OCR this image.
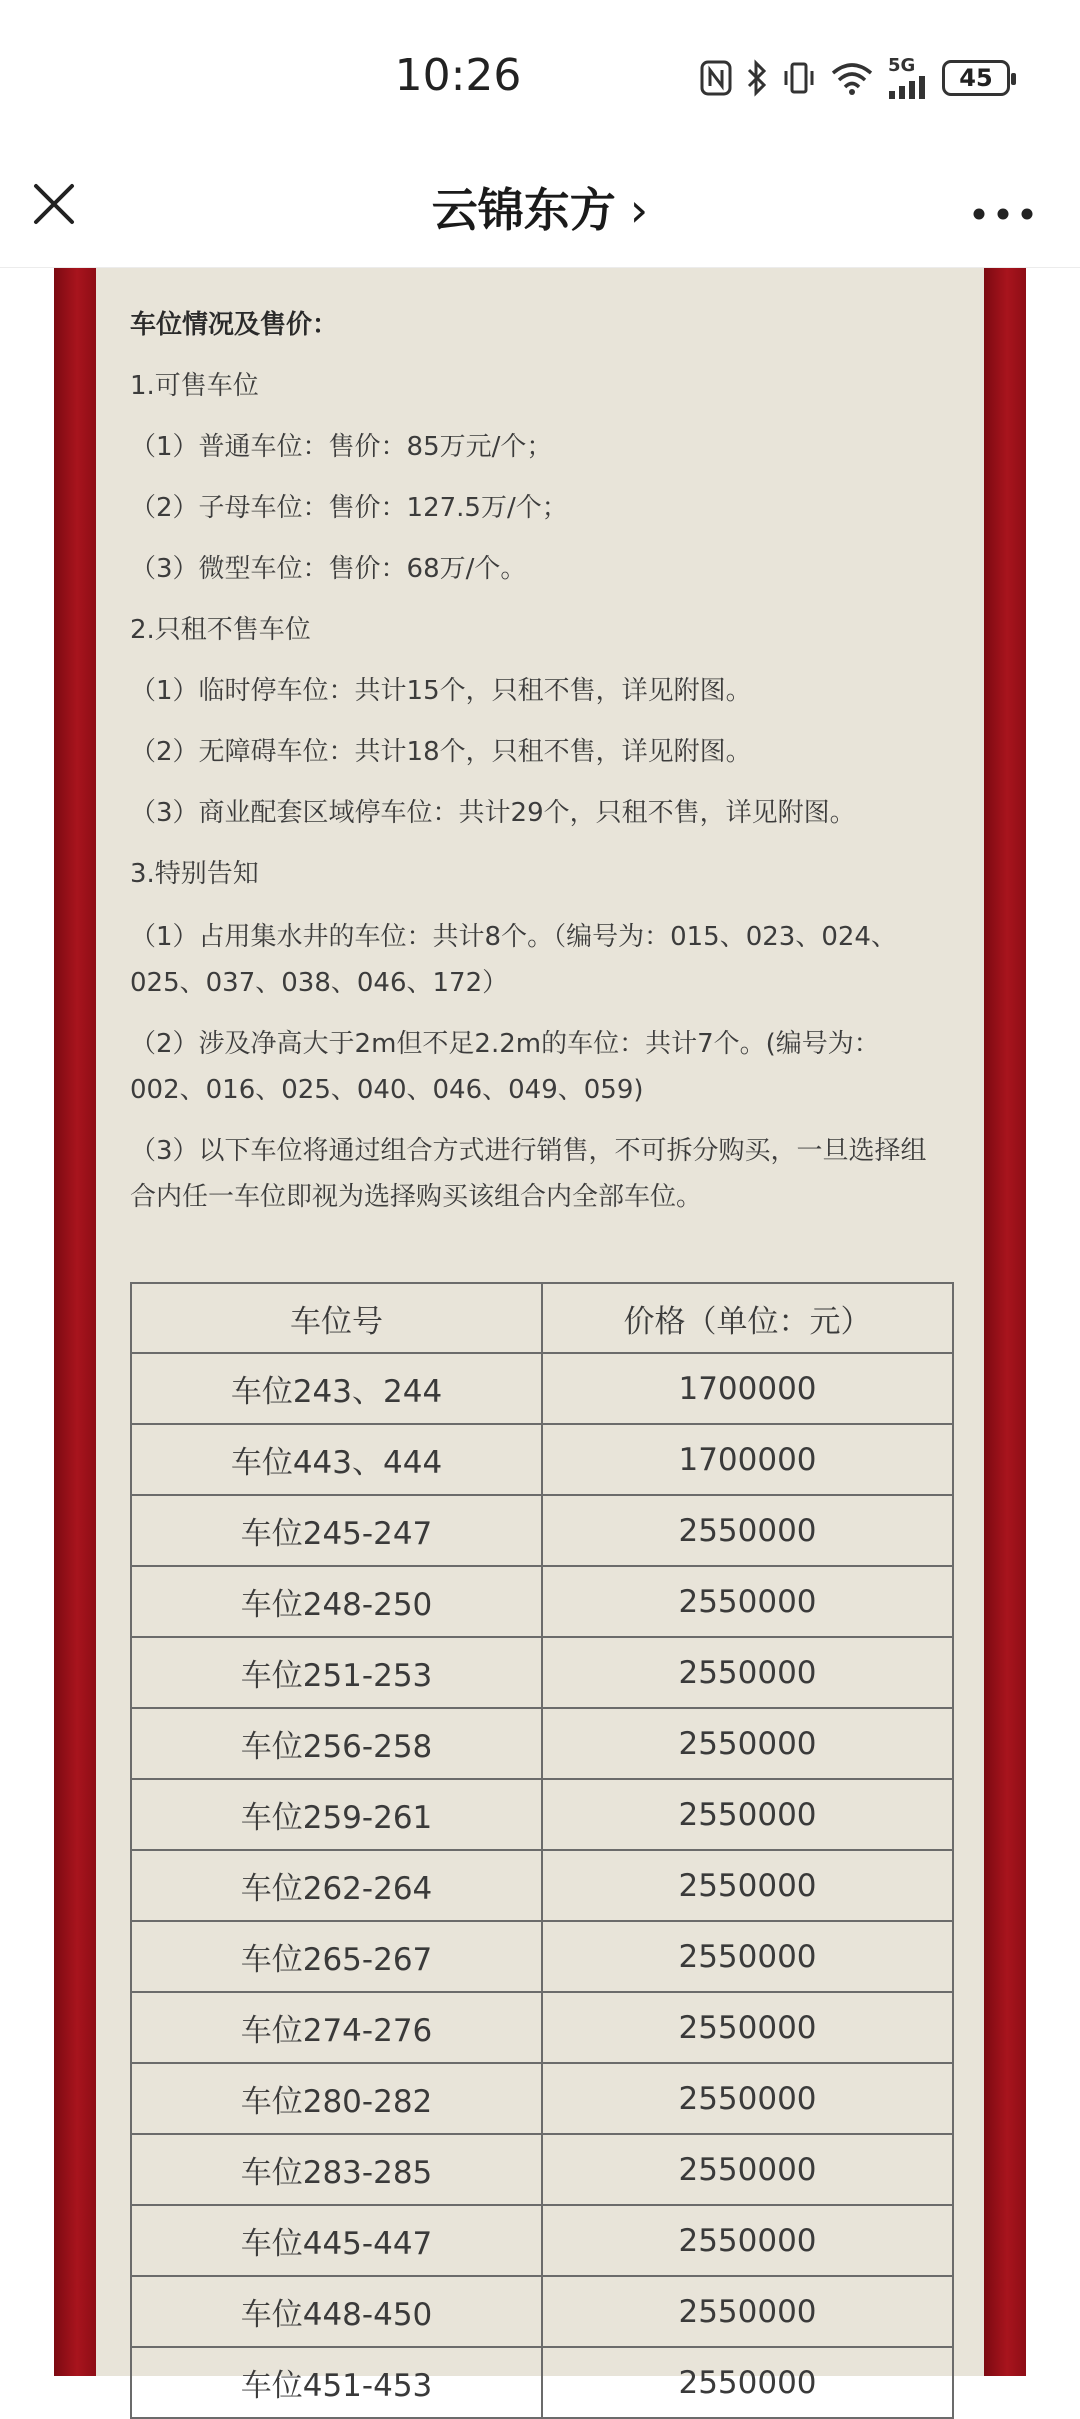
10:26	5G	45
云锦东方 ›
车位情况及售价：
1.可售车位
（1）普通车位：售价：85万元/个；
（2）子母车位：售价：127.5万/个；
（3）微型车位：售价：68万/个。
2.只租不售车位
（1）临时停车位：共计15个，只租不售，详见附图。
（2）无障碍车位：共计18个，只租不售，详见附图。
（3）商业配套区域停车位：共计29个，只租不售，详见附图。
3.特别告知
（1）占用集水井的车位：共计8个。（编号为：015、023、024、025、037、038、046、172）
（2）涉及净高大于2m但不足2.2m的车位：共计7个。(编号为：002、016、025、040、046、049、059)
（3）以下车位将通过组合方式进行销售，不可拆分购买，一旦选择组合内任一车位即视为选择购买该组合内全部车位。
车位号	价格（单位：元）
车位243、244	1700000
车位443、444	1700000
车位245-247	2550000
车位248-250	2550000
车位251-253	2550000
车位256-258	2550000
车位259-261	2550000
车位262-264	2550000
车位265-267	2550000
车位274-276	2550000
车位280-282	2550000
车位283-285	2550000
车位445-447	2550000
车位448-450	2550000
车位451-453	2550000
